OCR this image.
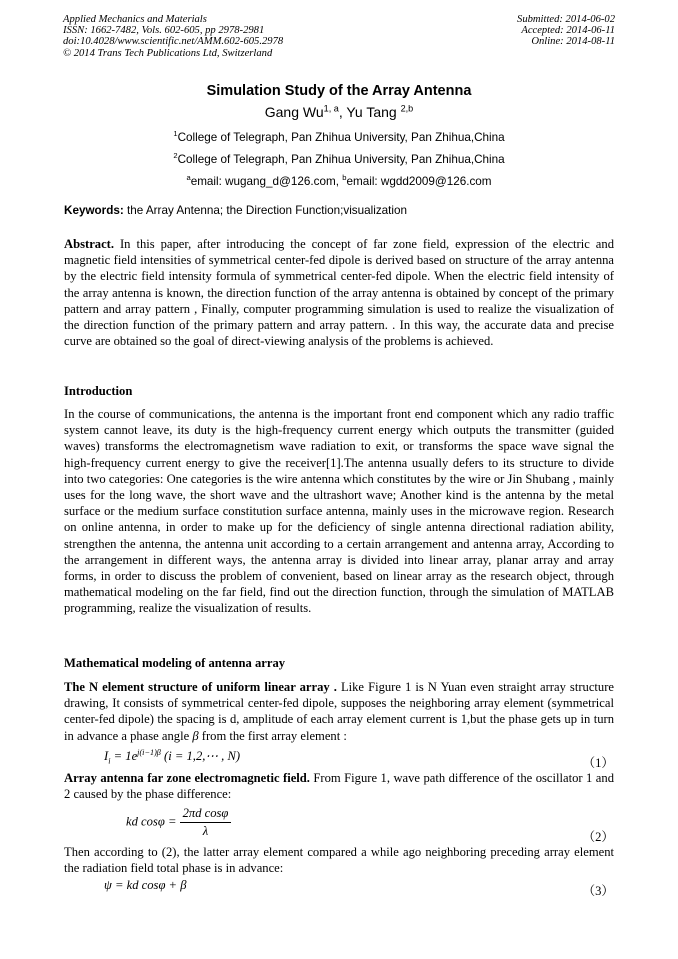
Applied Mechanics and Materials
ISSN: 1662-7482, Vols. 602-605, pp 2978-2981
doi:10.4028/www.scientific.net/AMM.602-605.2978
© 2014 Trans Tech Publications Ltd, Switzerland
Submitted: 2014-06-02
Accepted: 2014-06-11
Online: 2014-08-11
Simulation Study of the Array Antenna
Gang Wu$^{1, a}$, Yu Tang $^{2,b}$
$^1$College of Telegraph, Pan Zhihua University, Pan Zhihua,China
$^2$College of Telegraph, Pan Zhihua University, Pan Zhihua,China
$^a$email: wugang_d@126.com, $^b$email: wgdd2009@126.com
Keywords: the Array Antenna; the Direction Function;visualization
Abstract. In this paper, after introducing the concept of far zone field, expression of the electric and magnetic field intensities of symmetrical center-fed dipole is derived based on structure of the array antenna by the electric field intensity formula of symmetrical center-fed dipole. When the electric field intensity of the array antenna is known, the direction function of the array antenna is obtained by concept of the primary pattern and array pattern , Finally, computer programming simulation is used to realize the visualization of the direction function of the primary pattern and array pattern. . In this way, the accurate data and precise curve are obtained so the goal of direct-viewing analysis of the problems is achieved.
Introduction
In the course of communications, the antenna is the important front end component which any radio traffic system cannot leave, its duty is the high-frequency current energy which outputs the transmitter (guided waves) transforms the electromagnetism wave radiation to exit, or transforms the space wave signal the high-frequency current energy to give the receiver[1].The antenna usually defers to its structure to divide into two categories: One categories is the wire antenna which constitutes by the wire or Jin Shubang , mainly uses for the long wave, the short wave and the ultrashort wave; Another kind is the antenna by the metal surface or the medium surface constitution surface antenna, mainly uses in the microwave region. Research on online antenna, in order to make up for the deficiency of single antenna directional radiation ability, strengthen the antenna, the antenna unit according to a certain arrangement and antenna array, According to the arrangement in different ways, the antenna array is divided into linear array, planar array and array forms, in order to discuss the problem of convenient, based on linear array as the research object, through mathematical modeling on the far field, find out the direction function, through the simulation of MATLAB programming, realize the visualization of results.
Mathematical modeling of antenna array
The N element structure of uniform linear array . Like Figure 1 is N Yuan even straight array structure drawing, It consists of symmetrical center-fed dipole, supposes the neighboring array element (symmetrical center-fed dipole) the spacing is d, amplitude of each array element current is 1,but the phase gets up in turn in advance a phase angle β from the first array element :
$I_i = 1e^{j(i-1)\beta}$ (i = 1,2,⋯ , N)	（1）
Array antenna far zone electromagnetic field. From Figure 1, wave path difference of the oscillator 1 and 2 caused by the phase difference:
kd $\cos\varphi = \frac{\text{2πd cosφ}}{\lambda}$	（2）
Then according to (2), the latter array element compared a while ago neighboring preceding array element the radiation field total phase is in advance:
ψ = kd cosφ + β	（3）
